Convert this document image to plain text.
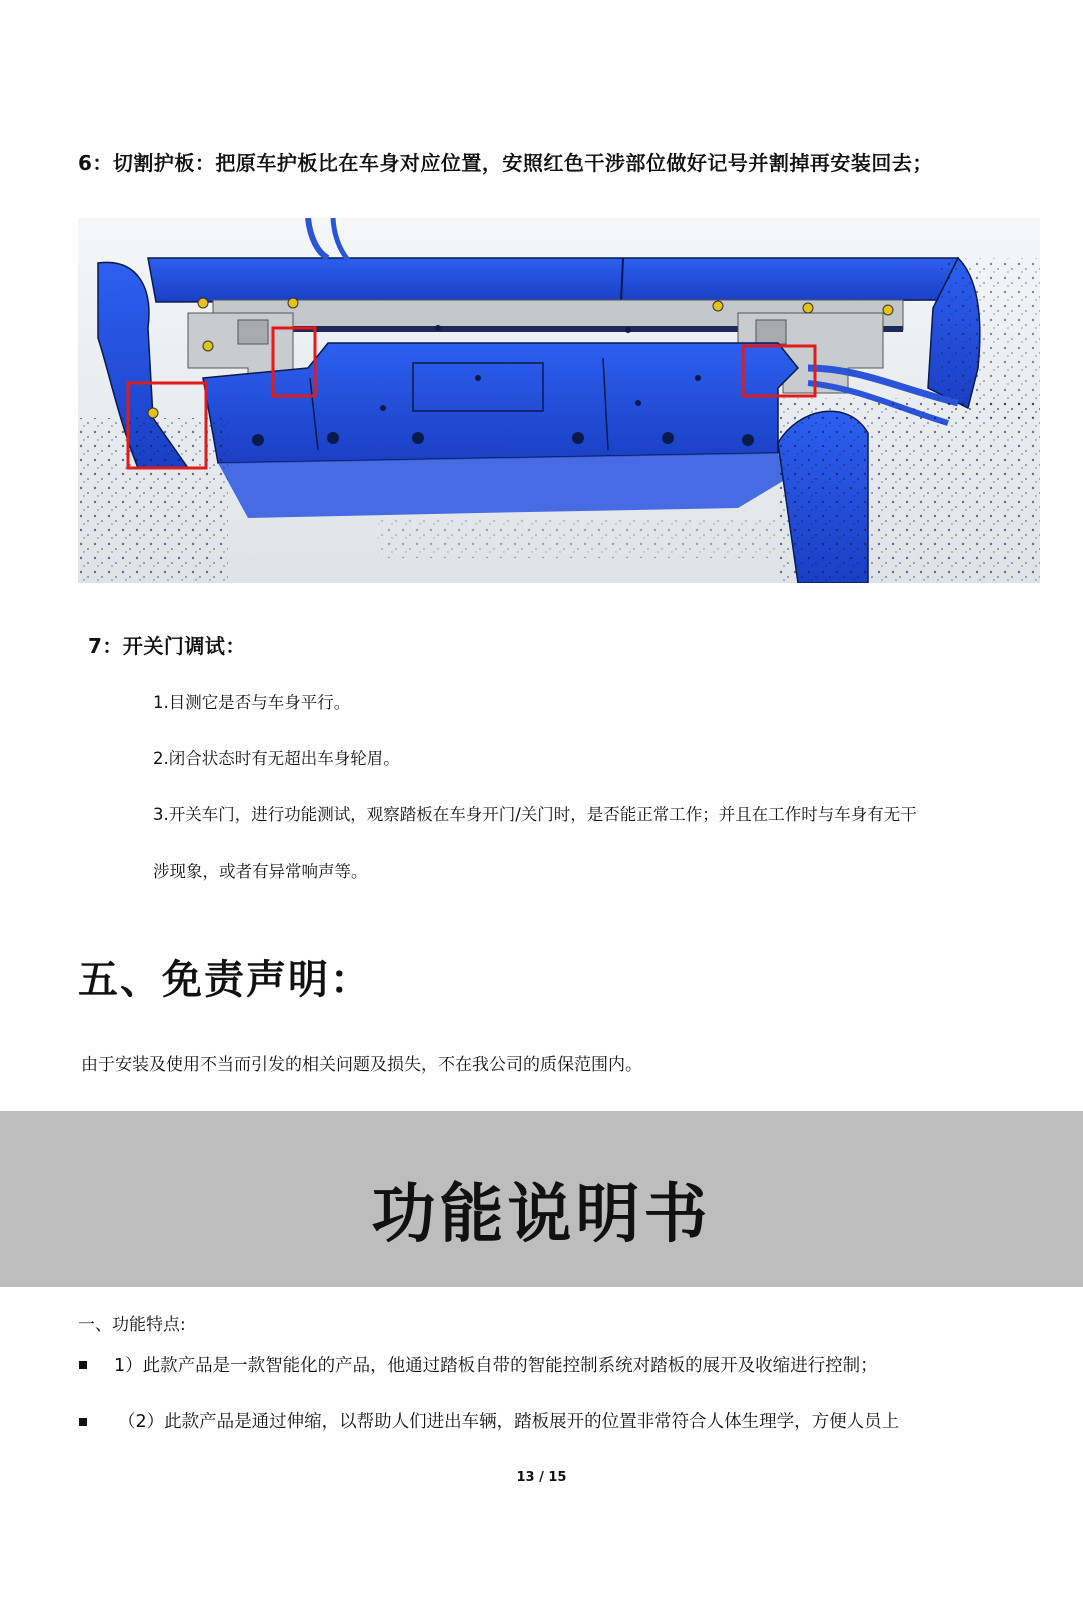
6：切割护板：把原车护板比在车身对应位置，安照红色干涉部位做好记号并割掉再安装回去；
7：开关门调试：
1.目测它是否与车身平行。
2.闭合状态时有无超出车身轮眉。
3.开关车门，进行功能测试，观察踏板在车身开门/关门时，是否能正常工作；并且在工作时与车身有无干
涉现象，或者有异常响声等。
五、免责声明：
由于安装及使用不当而引发的相关问题及损失，不在我公司的质保范围内。
功能说明书
一、功能特点:
1）此款产品是一款智能化的产品，他通过踏板自带的智能控制系统对踏板的展开及收缩进行控制；
（2）此款产品是通过伸缩，以帮助人们进出车辆，踏板展开的位置非常符合人体生理学，方便人员上
13 / 15
